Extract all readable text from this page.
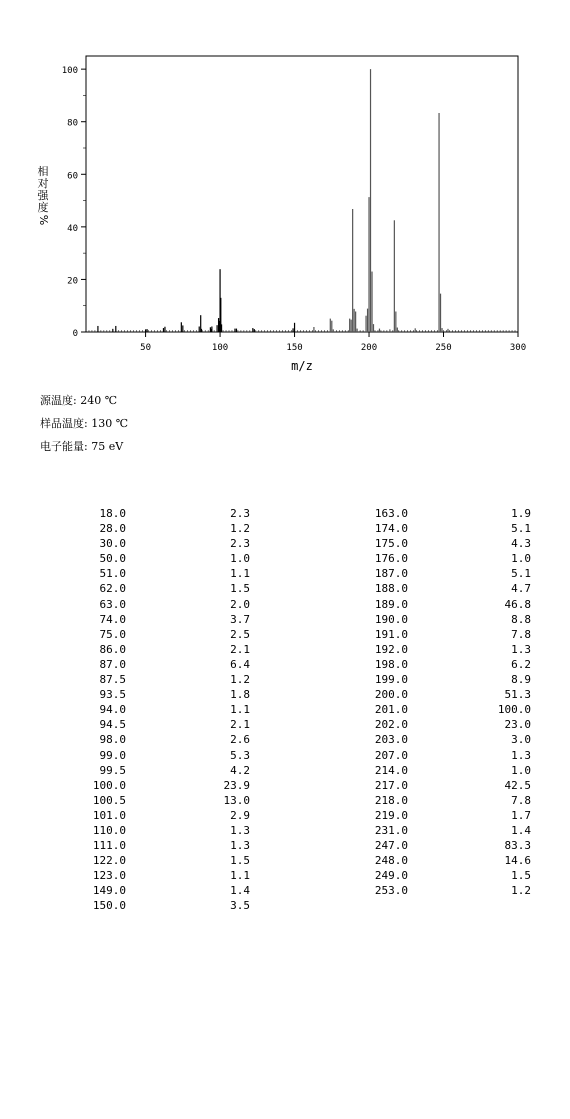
0
20
40
60
80
100
50	100	150	200	250	300
m/z
相
对
强
度
%
源温度: 240 ℃
样品温度: 130 ℃
电子能量: 75 eV
18.0	2.3
28.0	1.2
30.0	2.3
50.0	1.0
51.0	1.1
62.0	1.5
63.0	2.0
74.0	3.7
75.0	2.5
86.0	2.1
87.0	6.4
87.5	1.2
93.5	1.8
94.0	1.1
94.5	2.1
98.0	2.6
99.0	5.3
99.5	4.2
100.0	23.9
100.5	13.0
101.0	2.9
110.0	1.3
111.0	1.3
122.0	1.5
123.0	1.1
149.0	1.4
150.0	3.5
163.0	1.9
174.0	5.1
175.0	4.3
176.0	1.0
187.0	5.1
188.0	4.7
189.0	46.8
190.0	8.8
191.0	7.8
192.0	1.3
198.0	6.2
199.0	8.9
200.0	51.3
201.0	100.0
202.0	23.0
203.0	3.0
207.0	1.3
214.0	1.0
217.0	42.5
218.0	7.8
219.0	1.7
231.0	1.4
247.0	83.3
248.0	14.6
249.0	1.5
253.0	1.2
